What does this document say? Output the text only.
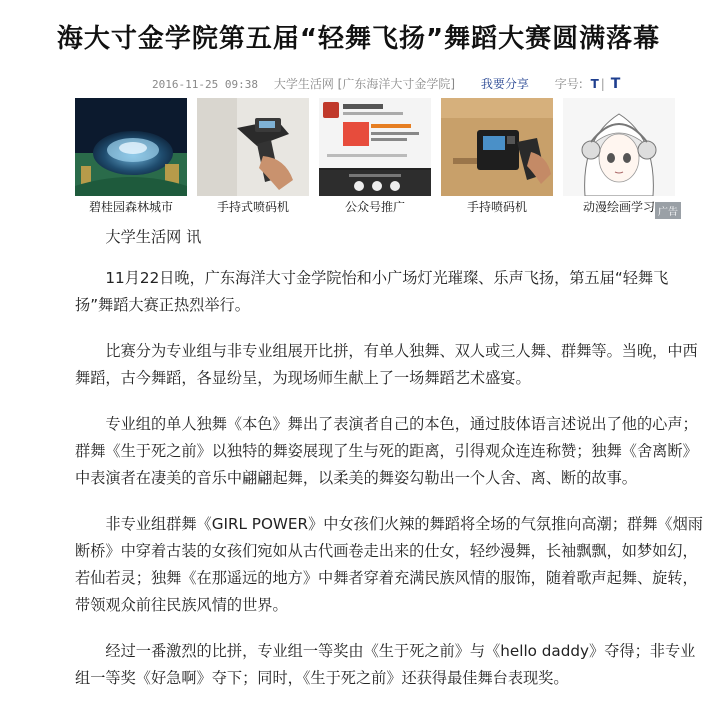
海大寸金学院第五届“轻舞飞扬”舞蹈大赛圆满落幕
2016-11-25 09:38 大学生活网 [广东海洋大寸金学院] 我要分享 字号: T | T
碧桂园森林城市	手持式喷码机	公众号推广	手持喷码机	动漫绘画学习 广告

大学生活网 讯

11月22日晚，广东海洋大寸金学院怡和小广场灯光璀璨、乐声飞扬，第五届“轻舞飞扬”舞蹈大赛正热烈举行。

比赛分为专业组与非专业组展开比拼，有单人独舞、双人或三人舞、群舞等。当晚，中西舞蹈，古今舞蹈，各显纷呈，为现场师生献上了一场舞蹈艺术盛宴。

专业组的单人独舞《本色》舞出了表演者自己的本色，通过肢体语言述说出了他的心声；群舞《生于死之前》以独特的舞姿展现了生与死的距离，引得观众连连称赞；独舞《舍离断》中表演者在凄美的音乐中翩翩起舞，以柔美的舞姿勾勒出一个人舍、离、断的故事。

非专业组群舞《GIRL POWER》中女孩们火辣的舞蹈将全场的气氛推向高潮；群舞《烟雨断桥》中穿着古装的女孩们宛如从古代画卷走出来的仕女，轻纱漫舞，长袖飘飘，如梦如幻，若仙若灵；独舞《在那遥远的地方》中舞者穿着充满民族风情的服饰，随着歌声起舞、旋转，带领观众前往民族风情的世界。

经过一番激烈的比拼，专业组一等奖由《生于死之前》与《hello daddy》夺得；非专业组一等奖《好急啊》夺下；同时，《生于死之前》还获得最佳舞台表现奖。
